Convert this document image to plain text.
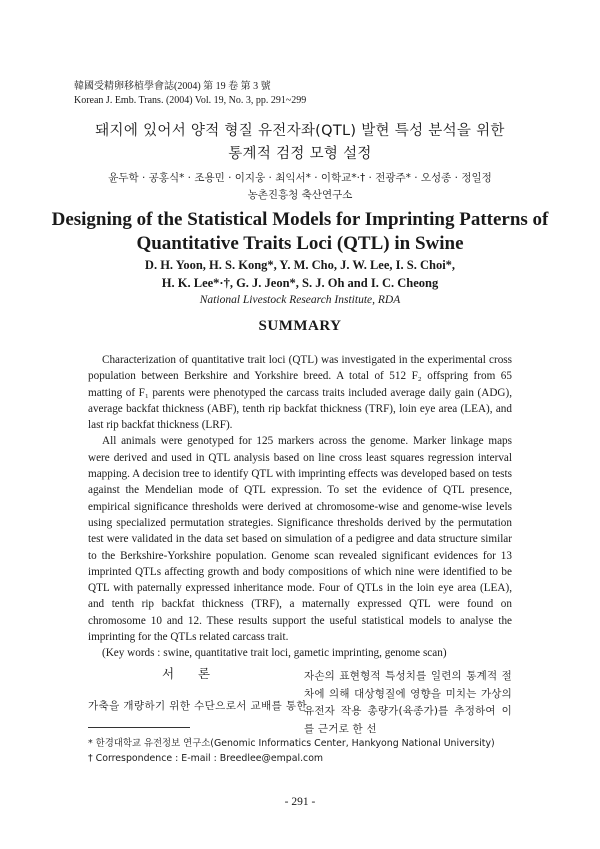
韓國受精卵移植學會誌(2004) 第 19 卷 第 3 號
Korean J. Emb. Trans. (2004) Vol. 19, No. 3, pp. 291~299
돼지에 있어서 양적 형질 유전자좌(QTL) 발현 특성 분석을 위한
통계적 검정 모형 설정
윤두학 · 공홍식* · 조용민 · 이지웅 · 최익서* · 이학교*·† · 전광주* · 오성종 · 정일정
농촌진흥청 축산연구소
Designing of the Statistical Models for Imprinting Patterns of
Quantitative Traits Loci (QTL) in Swine
D. H. Yoon, H. S. Kong*, Y. M. Cho, J. W. Lee, I. S. Choi*,
H. K. Lee*·†, G. J. Jeon*, S. J. Oh and I. C. Cheong
National Livestock Research Institute, RDA
SUMMARY

Characterization of quantitative trait loci (QTL) was investigated in the experimental cross population between Berkshire and Yorkshire breed. A total of 512 F₂ offspring from 65 matting of F₁ parents were phenotyped the carcass traits included average daily gain (ADG), average backfat thickness (ABF), tenth rip backfat thickness (TRF), loin eye area (LEA), and last rip backfat thickness (LRF).

All animals were genotyped for 125 markers across the genome. Marker linkage maps were derived and used in QTL analysis based on line cross least squares regression interval mapping. A decision tree to identify QTL with imprinting effects was developed based on tests against the Mendelian mode of QTL expression. To set the evidence of QTL presence, empirical significance thresholds were derived at chromosome-wise and genome-wise levels using specialized permutation strategies. Significance thresholds derived by the permutation test were validated in the data set based on simulation of a pedigree and data structure similar to the Berkshire-Yorkshire population. Genome scan revealed significant evidences for 13 imprinted QTLs affecting growth and body compositions of which nine were identified to be QTL with paternally expressed inheritance mode. Four of QTLs in the loin eye area (LEA), and tenth rip backfat thickness (TRF), a maternally expressed QTL were found on chromosome 10 and 12. These results support the useful statistical models to analyse the imprinting for the QTLs related carcass trait.

(Key words : swine, quantitative trait loci, gametic imprinting, genome scan)

서 론
가축을 개량하기 위한 수단으로서 교배를 통한
자손의 표현형적 특성치를 일련의 통계적 절차에 의해 대상형질에 영향을 미치는 가상의 유전자 작용 총량가(육종가)를 추정하여 이를 근거로 한 선
* 한경대학교 유전정보 연구소(Genomic Informatics Center, Hankyong National University)
† Correspondence : E-mail : Breedlee@empal.com
- 291 -
